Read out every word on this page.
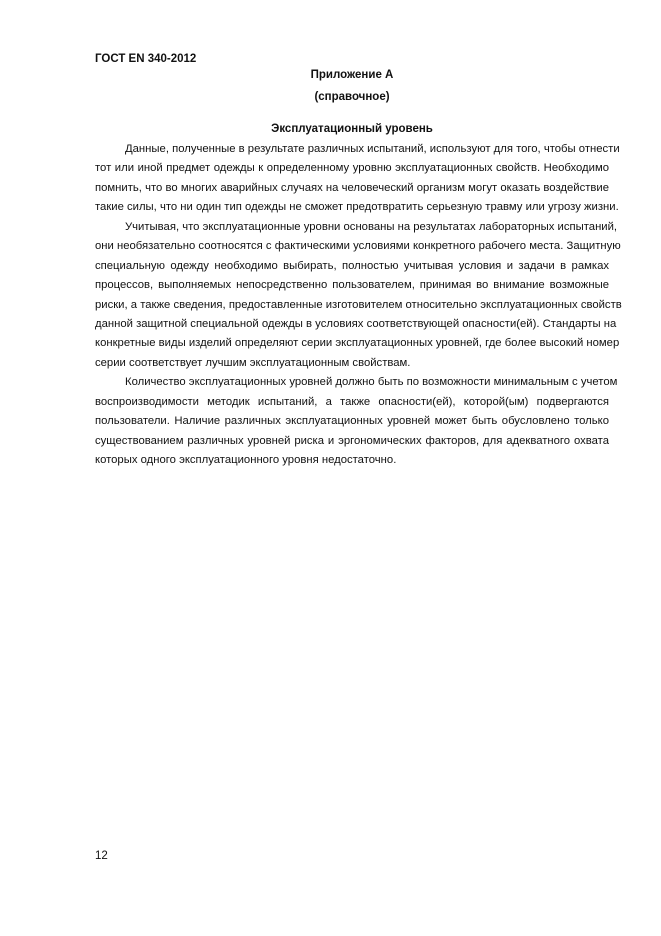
ГОСТ EN 340-2012
Приложение А
(справочное)
Эксплуатационный уровень
Данные, полученные в результате различных испытаний, используют для того, чтобы отнести
тот или иной предмет одежды к определенному уровню эксплуатационных свойств. Необходимо
помнить, что во многих аварийных случаях на человеческий организм могут оказать воздействие
такие силы, что ни один тип одежды не сможет предотвратить серьезную травму или угрозу жизни.
Учитывая, что эксплуатационные уровни основаны на результатах лабораторных испытаний,
они необязательно соотносятся с фактическими условиями конкретного рабочего места. Защитную
специальную одежду необходимо выбирать, полностью учитывая условия и задачи в рамках
процессов, выполняемых непосредственно пользователем, принимая во внимание возможные
риски, а также сведения, предоставленные изготовителем относительно эксплуатационных свойств
данной защитной специальной одежды в условиях соответствующей опасности(ей). Стандарты на
конкретные виды изделий определяют серии эксплуатационных уровней, где более высокий номер
серии соответствует лучшим эксплуатационным свойствам.
Количество эксплуатационных уровней должно быть по возможности минимальным с учетом
воспроизводимости методик испытаний, а также опасности(ей), которой(ым) подвергаются
пользователи. Наличие различных эксплуатационных уровней может быть обусловлено только
существованием различных уровней риска и эргономических факторов, для адекватного охвата
которых одного эксплуатационного уровня недостаточно.
12
